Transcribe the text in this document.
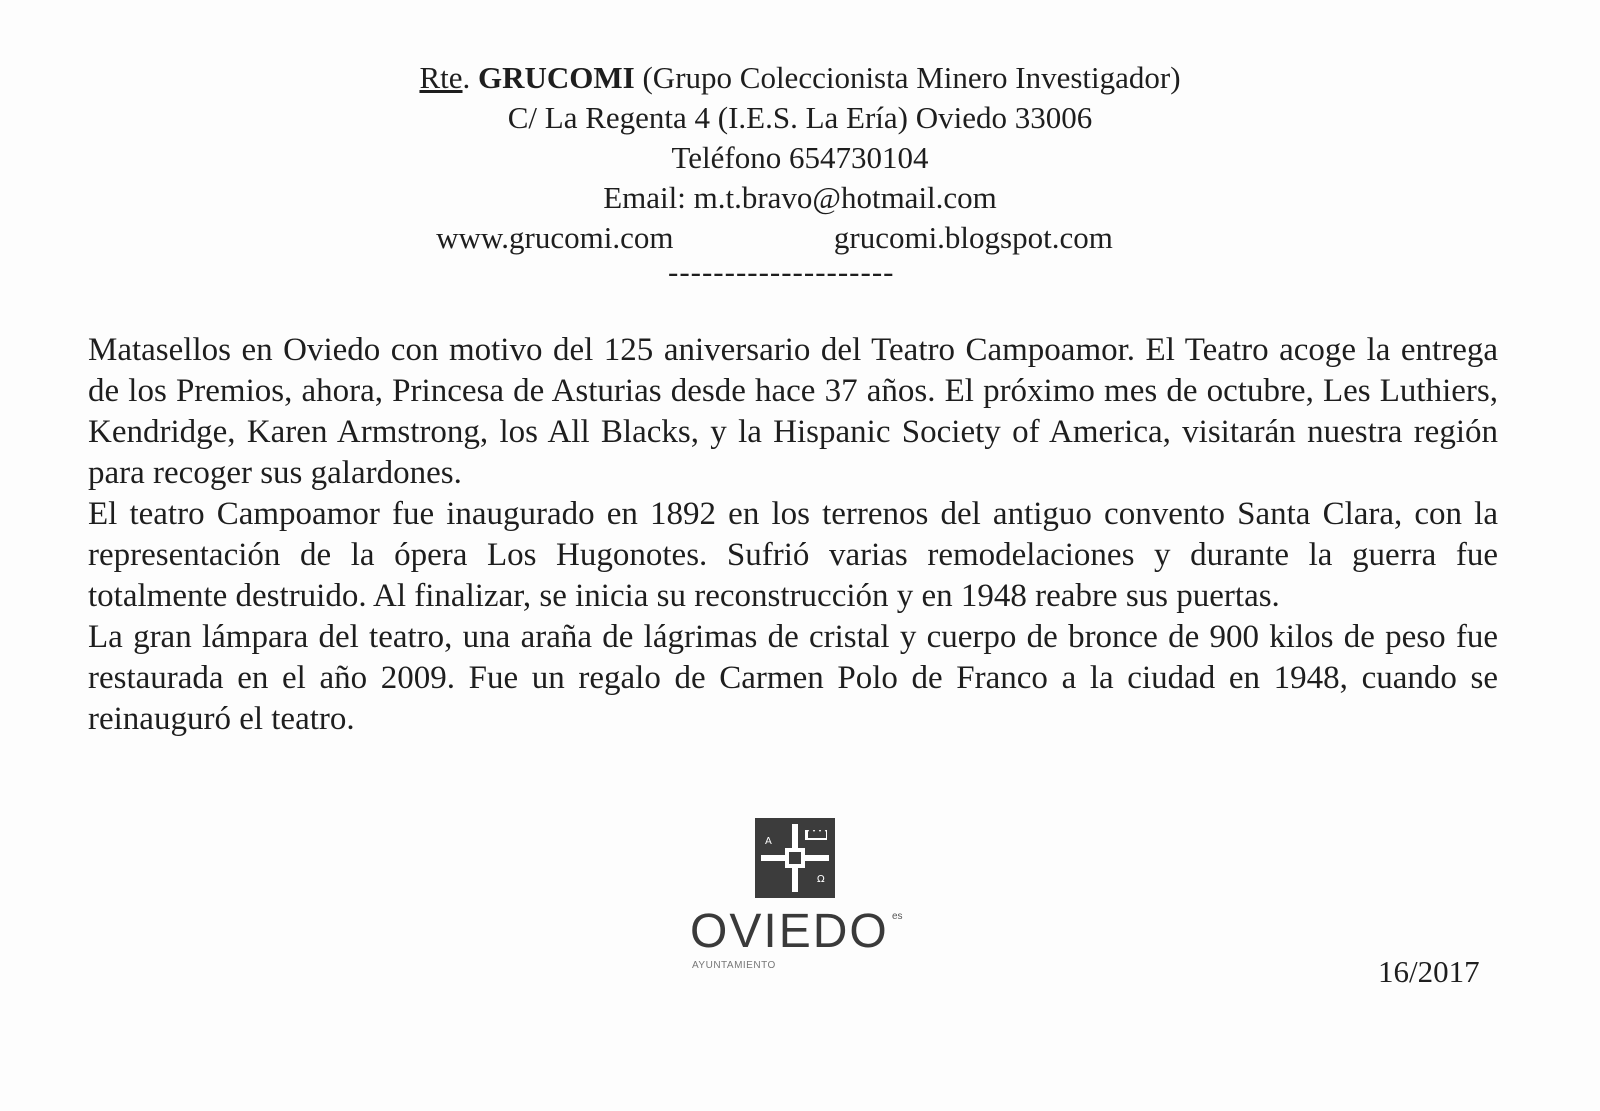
Rte. GRUCOMI (Grupo Coleccionista Minero Investigador)
C/ La Regenta 4 (I.E.S. La Ería) Oviedo 33006
Teléfono 654730104
Email: m.t.bravo@hotmail.com
www.grucomi.com	grucomi.blogspot.com
--------------------

Matasellos en Oviedo con motivo del 125 aniversario del Teatro Campoamor. El Teatro acoge la entrega de los Premios, ahora, Princesa de Asturias desde hace 37 años. El próximo mes de octubre, Les Luthiers, Kendridge, Karen Armstrong, los All Blacks, y la Hispanic Society of America, visitarán nuestra región para recoger sus galardones.

El teatro Campoamor fue inaugurado en 1892 en los terrenos del antiguo convento Santa Clara, con la representación de la ópera Los Hugonotes. Sufrió varias remodelaciones y durante la guerra fue totalmente destruido. Al finalizar, se inicia su reconstrucción y en 1948 reabre sus puertas.

La gran lámpara del teatro, una araña de lágrimas de cristal y cuerpo de bronce de 900 kilos de peso fue restaurada en el año 2009. Fue un regalo de Carmen Polo de Franco a la ciudad en 1948, cuando se reinauguró el teatro.

Α
Ω
OVIEDO es
AYUNTAMIENTO	16/2017
